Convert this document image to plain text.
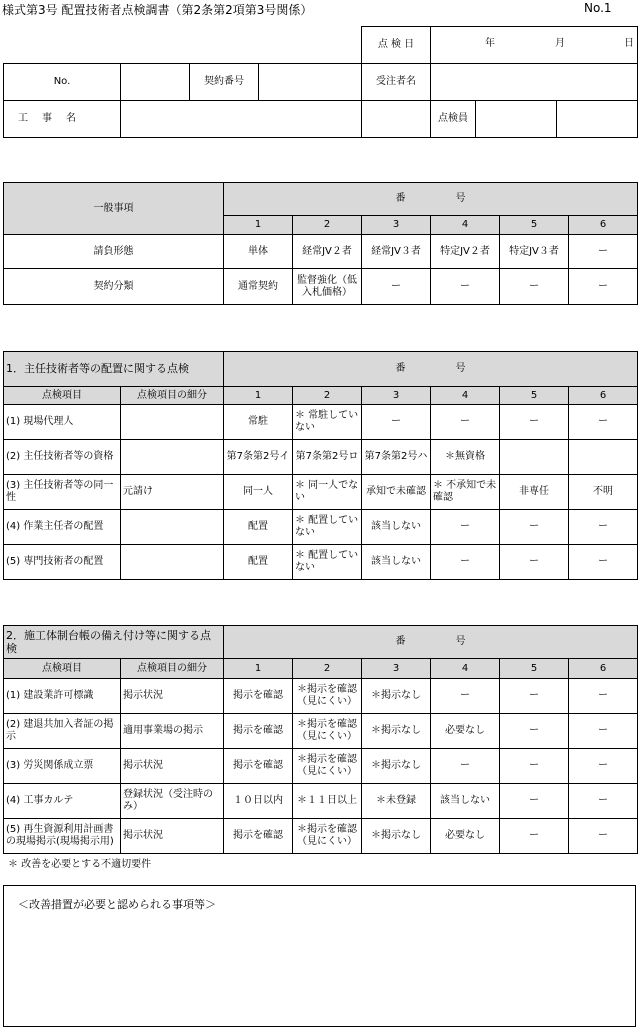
様式第3号 配置技術者点検調書（第2条第2項第3号関係）	No.1
				点 検 日	年 月 日		

No.		契約番号		受注者名			
工　事　名					点検員		
一般事項	番　　　　　号					
	1	2	3	4	5	6
請負形態	単体	経常JV２者	経常JV３者	特定JV２者	特定JV３者	ー
契約分類	通常契約	監督強化（低入札価格）	ー	ー	ー	ー
1．主任技術者等の配置に関する点検		番　　　　　号					
点検項目	点検項目の細分	1	2	3	4	5	6
(1) 現場代理人		常駐	＊ 常駐していない	ー	ー	ー	ー
(2) 主任技術者等の資格		第7条第2号イ	第7条第2号ロ	第7条第2号ハ	＊無資格		
(3) 主任技術者等の同一性	元請け	同一人	＊ 同一人でない	承知で未確認	＊ 不承知で未確認	非専任	不明
(4) 作業主任者の配置		配置	＊ 配置していない	該当しない	ー	ー	ー
(5) 専門技術者の配置		配置	＊ 配置していない	該当しない	ー	ー	ー
2．施工体制台帳の備え付け等に関する点検		番　　　　　号					
点検項目	点検項目の細分	1	2	3	4	5	6
(1) 建設業許可標識	掲示状況	掲示を確認	＊掲示を確認（見にくい）	＊掲示なし	ー	ー	ー
(2) 建退共加入者証の掲示	適用事業場の掲示	掲示を確認	＊掲示を確認（見にくい）	＊掲示なし	必要なし	ー	ー
(3) 労災関係成立票	掲示状況	掲示を確認	＊掲示を確認（見にくい）	＊掲示なし	ー	ー	ー
(4) 工事カルテ	登録状況（受注時のみ）	１０日以内	＊１１日以上	＊未登録	該当しない	ー	ー
(5) 再生資源利用計画書の現場掲示(現場掲示用)	掲示状況	掲示を確認	＊掲示を確認（見にくい）	＊掲示なし	必要なし	ー	ー
＊ 改善を必要とする不適切要件
＜改善措置が必要と認められる事項等＞
